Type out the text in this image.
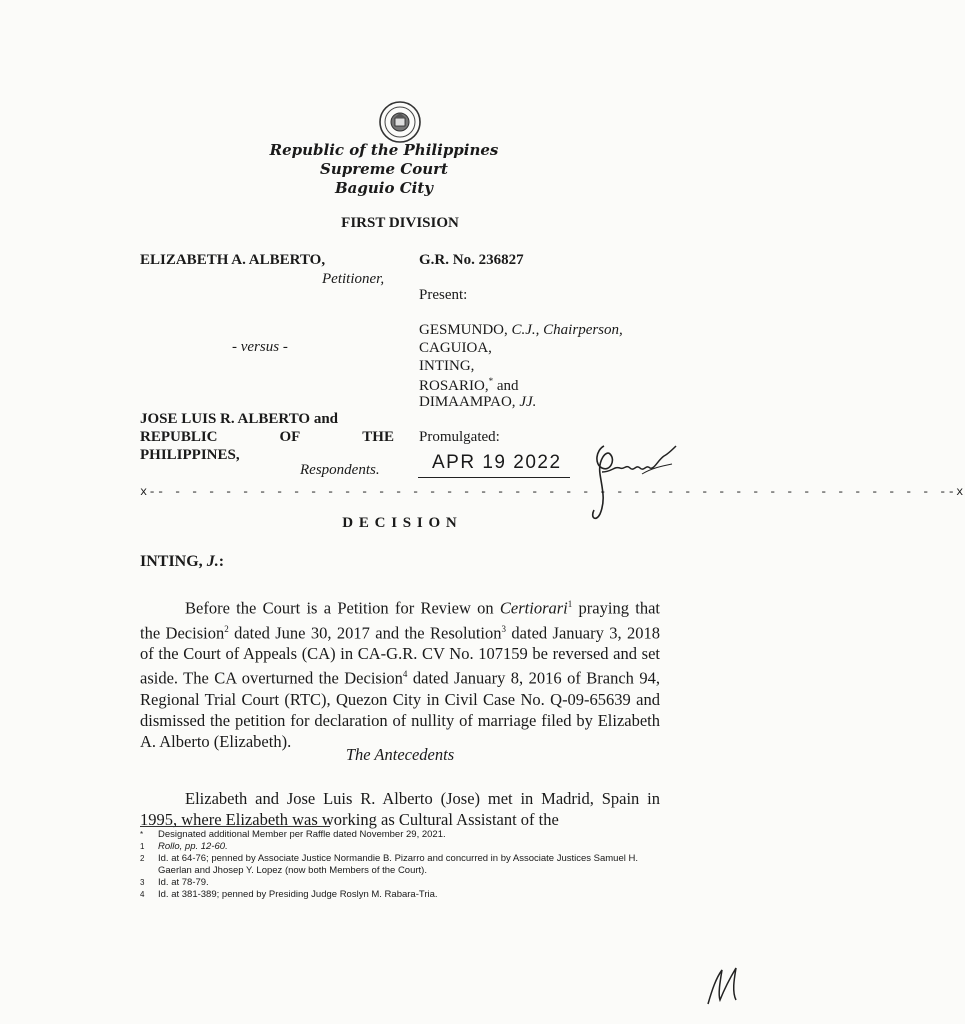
Republic of the Philippines
Supreme Court
Baguio City
FIRST DIVISION
ELIZABETH A. ALBERTO,
Petitioner,
- versus -
JOSE LUIS R. ALBERTO and
REPUBLIC	OF	THE
PHILIPPINES,
Respondents.
G.R. No. 236827
Present:
GESMUNDO, C.J., Chairperson,
CAGUIOA,
INTING,
ROSARIO,* and
DIMAAMPAO, JJ.
Promulgated:
APR 19 2022
x-- - - - - - - - - - - - - - - - - - - - - - - - - - - - - - - - - - - - - - - - - - - - - - --x
D E C I S I O N
INTING, J.:
Before the Court is a Petition for Review on Certiorari$^1$ praying that the Decision$^2$ dated June 30, 2017 and the Resolution$^3$ dated January 3, 2018 of the Court of Appeals (CA) in CA-G.R. CV No. 107159 be reversed and set aside. The CA overturned the Decision$^4$ dated January 8, 2016 of Branch 94, Regional Trial Court (RTC), Quezon City in Civil Case No. Q-09-65639 and dismissed the petition for declaration of nullity of marriage filed by Elizabeth A. Alberto (Elizabeth).
The Antecedents
Elizabeth and Jose Luis R. Alberto (Jose) met in Madrid, Spain in 1995, where Elizabeth was working as Cultural Assistant of the
*	Designated additional Member per Raffle dated November 29, 2021.
1	Rollo, pp. 12-60.
2	Id. at 64-76; penned by Associate Justice Normandie B. Pizarro and concurred in by Associate Justices Samuel H. Gaerlan and Jhosep Y. Lopez (now both Members of the Court).
3	Id. at 78-79.
4	Id. at 381-389; penned by Presiding Judge Roslyn M. Rabara-Tria.
